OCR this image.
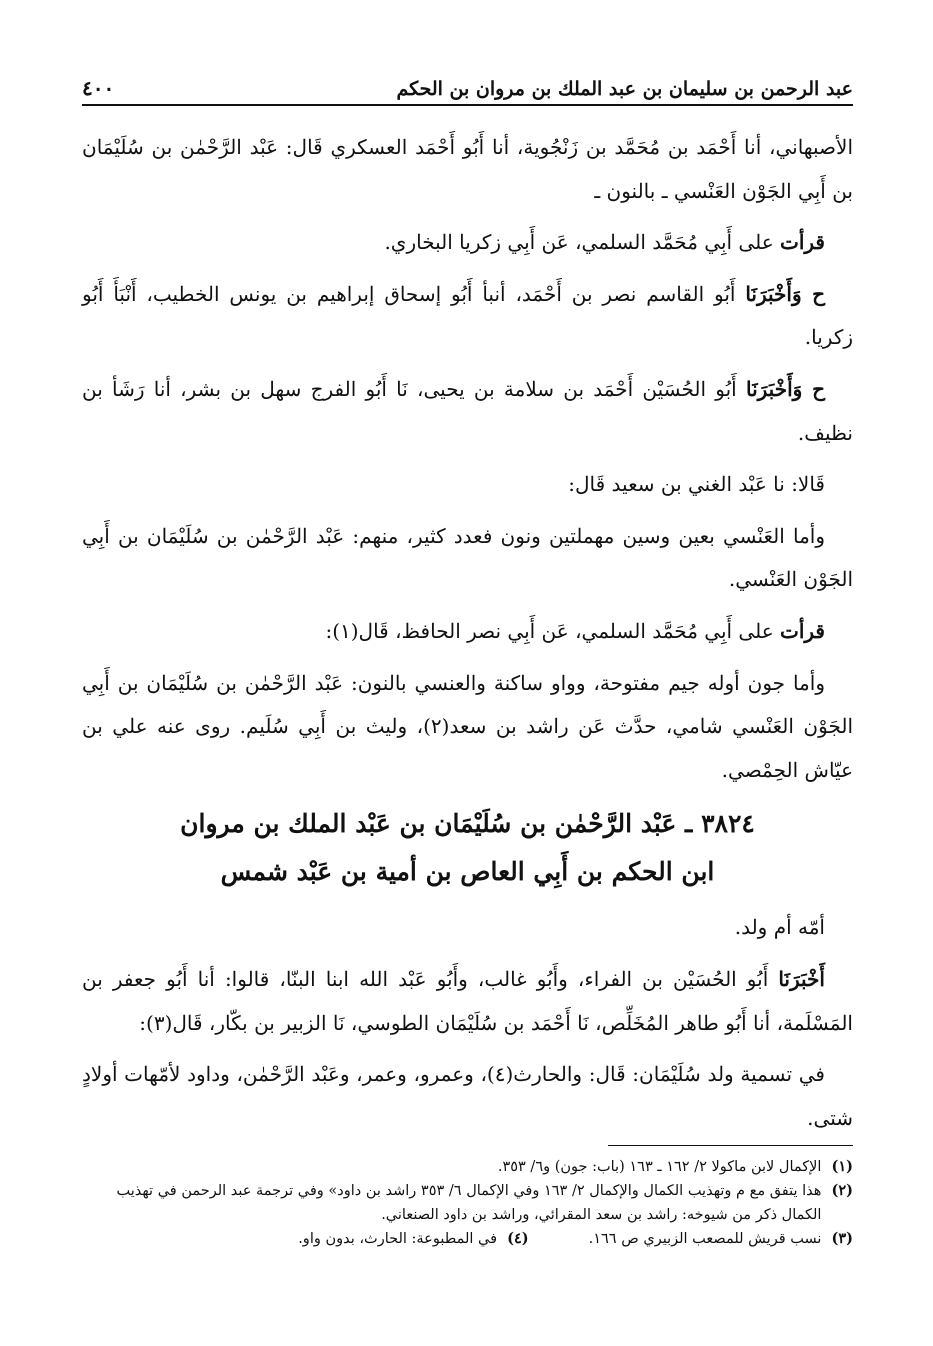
عبد الرحمن بن سليمان بن عبد الملك بن مروان بن الحكم
٤٠٠

الأصبهاني، أنا أَحْمَد بن مُحَمَّد بن زَنْجُوية، أنا أَبُو أَحْمَد العسكري قَال: عَبْد الرَّحْمٰن بن سُلَيْمَان بن أَبِي الجَوْن العَنْسي ـ بالنون ـ

قرأت على أَبِي مُحَمَّد السلمي، عَن أَبِي زكريا البخاري.

ح وَأَخْبَرَنَا أَبُو القاسم نصر بن أَحْمَد، أنبأ أَبُو إسحاق إبراهيم بن يونس الخطيب، أَنْبَأَ أَبُو زكريا.

ح وَأَخْبَرَنَا أَبُو الحُسَيْن أَحْمَد بن سلامة بن يحيى، نَا أَبُو الفرج سهل بن بشر، أنا رَشَأ بن نظيف.

قَالا: نا عَبْد الغني بن سعيد قَال:

وأما العَنْسي بعين وسين مهملتين ونون فعدد كثير، منهم: عَبْد الرَّحْمٰن بن سُلَيْمَان بن أَبِي الجَوْن العَنْسي.

قرأت على أَبِي مُحَمَّد السلمي، عَن أَبِي نصر الحافظ، قَال(١):

وأما جون أوله جيم مفتوحة، وواو ساكنة والعنسي بالنون: عَبْد الرَّحْمٰن بن سُلَيْمَان بن أَبِي الجَوْن العَنْسي شامي، حدَّث عَن راشد بن سعد(٢)، وليث بن أَبِي سُلَيم. روى عنه علي بن عيّاش الحِمْصي.

٣٨٢٤ ـ عَبْد الرَّحْمٰن بن سُلَيْمَان بن عَبْد الملك بن مروان
ابن الحكم بن أَبِي العاص بن أمية بن عَبْد شمس

أمّه أم ولد.

أَخْبَرَنَا أَبُو الحُسَيْن بن الفراء، وأَبُو غالب، وأَبُو عَبْد الله ابنا البنّا، قالوا: أنا أَبُو جعفر بن المَسْلَمة، أنا أَبُو طاهر المُخَلِّص، نَا أَحْمَد بن سُلَيْمَان الطوسي، نَا الزبير بن بكّار، قَال(٣):

في تسمية ولد سُلَيْمَان: قَال: والحارث(٤)، وعمرو، وعمر، وعَبْد الرَّحْمٰن، وداود لأمّهات أولادٍ شتى.

(١)
الإكمال لابن ماكولا ٢/ ١٦٢ ـ ١٦٣ (باب: جون) و٦/ ٣٥٣.
(٢)
هذا يتفق مع م وتهذيب الكمال والإكمال ٢/ ١٦٣ وفي الإكمال ٦/ ٣٥٣ راشد بن داود» وفي ترجمة عبد الرحمن في تهذيب الكمال ذكر من شيوخه: راشد بن سعد المقرائي، وراشد بن داود الصنعاني.
(٣)
نسب قريش للمصعب الزبيري ص ١٦٦.
(٤)
في المطبوعة: الحارث، بدون واو.
